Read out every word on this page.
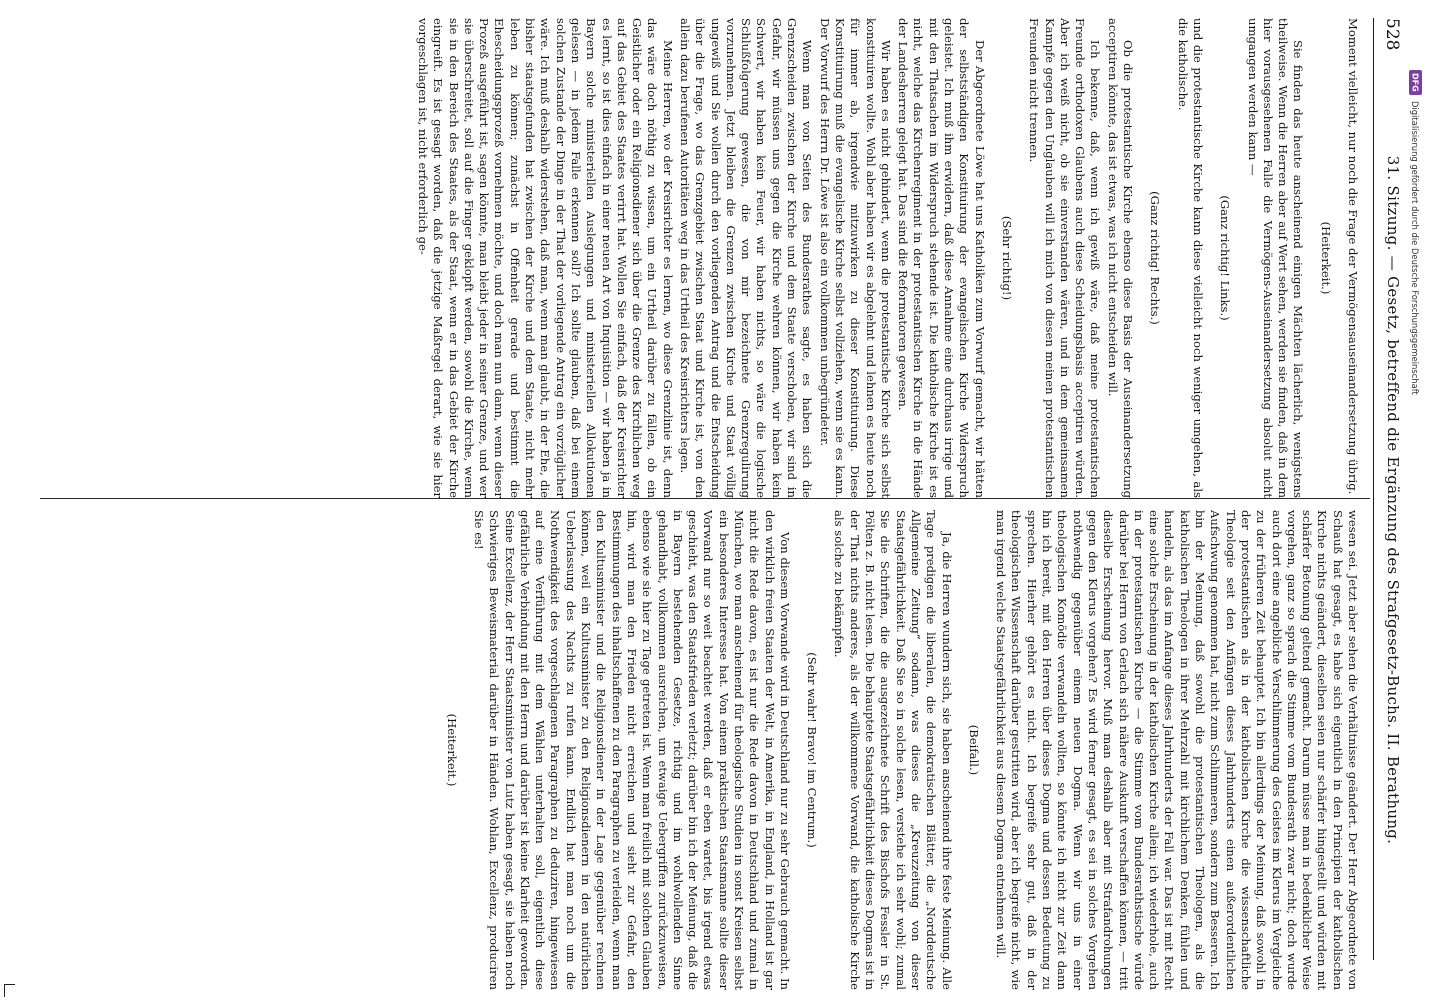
528
31. Sitzung. — Gesetz, betreffend die Ergänzung des Strafgesetz-Buchs. II. Berathung.

Moment vielleicht, nur noch die Frage der Vermögensauseinandersetzung übrig.

(Heiterkeit.)

Sie finden das heute anscheinend einigen Mächten lächerlich, wenigstens theilweise. Wenn die Herren aber auf Wert sehen, werden sie finden, daß in dem hier vorausgesehenen Falle die Vermögens-Auseinandersetzung absolut nicht umgangen werden kann —

(Ganz richtig! Links.)

und die protestantische Kirche kann diese vielleicht noch weniger umgehen, als die katholische.

(Ganz richtig! Rechts.)

Ob die protestantische Kirche ebenso diese Basis der Auseinandersetzung acceptiren könnte, das ist etwas, was ich nicht entscheiden will.

Ich bekenne, daß, wenn ich gewiß wäre, daß meine protestantischen Freunde orthodoxen Glaubens auch diese Scheidungsbasis acceptiren würden. Aber ich weiß nicht, ob sie einverstanden wären, und in dem gemeinsamen Kampfe gegen den Unglauben will ich mich von diesen meinen protestantischen Freunden nicht trennen.

(Sehr richtig!)

Der Abgeordnete Löwe hat uns Katholiken zum Vorwurf gemacht, wir hätten der selbstständigen Konstituirung der evangelischen Kirche Widerspruch geleistet. Ich muß ihm erwidern, daß diese Annahme eine durchaus irrige und mit den Thatsachen im Widerspruch stehende ist. Die katholische Kirche ist es nicht, welche das Kirchenregiment in der protestantischen Kirche in die Hände der Landesherren gelegt hat. Das sind die Reformatoren gewesen.

Wir haben es nicht gehindert, wenn die protestantische Kirche sich selbst konstituiren wollte. Wohl aber haben wir es abgelehnt und lehnen es heute noch für immer ab, irgendwie mitzuwirken zu dieser Konstituirung. Diese Konstituirung muß die evangelische Kirche selbst vollziehen, wenn sie es kann. Der Vorwurf des Herrn Dr. Löwe ist also ein vollkommen unbegründeter.

Wenn man von Seiten des Bundesrathes sagte, es haben sich die Grenzscheiden zwischen der Kirche und dem Staate verschoben, wir sind in Gefahr, wir müssen uns gegen die Kirche wehren können, wir haben kein Schwert, wir haben kein Feuer, wir haben nichts, so wäre die logische Schlußfolgerung gewesen, die von mir bezeichnete Grenzregulirung vorzunehmen. Jetzt bleiben die Grenzen zwischen Kirche und Staat völlig ungewiß und Sie wollen durch den vorliegenden Antrag und die Entscheidung über die Frage, wo das Grenzgebiet zwischen Staat und Kirche ist, von den allein dazu berufenen Autoritäten weg in das Urtheil des Kreisrichters legen.

Meine Herren, wo der Kreisrichter es lernen, wo diese Grenzlinie ist, denn das wäre doch nöthig zu wissen, um ein Urtheil darüber zu fällen, ob ein Geistlicher oder ein Religionsdiener sich über die Grenze des Kirchlichen weg auf das Gebiet des Staates verirrt hat. Wollen Sie einfach, daß der Kreisrichter es lernt, so ist dies einfach in einer neuen Art von Inquisition — wir haben ja in Bayern solche ministeriellen Auslegungen und ministeriellen Allokutionen gelesen — in jedem Falle erkennen soll? Ich sollte glauben, daß bei einem solchen Zustande der Dinge in der That der vorliegende Antrag ein vorzüglicher wäre. Ich muß deshalb widerstehen, daß man, wenn man glaubt, in der Ehe, die bisher staatsgefunden hat zwischen der Kirche und dem Staate, nicht mehr leben zu können; zunächst in Offenheit gerade und bestimmt die Ehescheidungsprozeß vornehmen möchte, und doch man nun dann, wenn dieser Prozeß ausgeführt ist, sagen könnte, man bleibt jeder in seiner Grenze, und wer sie überschreitet, soll auf die Finger geklopft werden, sowohl die Kirche, wenn sie in den Bereich des Staates, als der Staat, wenn er in das Gebiet der Kirche eingreift. Es ist gesagt worden, daß die jetzige Maßregel derart, wie sie hier vorgeschlagen ist, nicht erforderlich ge-

wesen sei. Jetzt aber sehen die Verhältnisse geändert. Der Herr Abgeordnete von Schauß hat gesagt, es habe sich eigentlich in den Principien der katholischen Kirche nichts geändert, dieselben seien nur schärfer hingestellt und würden mit schärfer Betonung geltend gemacht. Darum müsse man in bedenklicher Weise vorgehen, ganz so sprach die Stimme vom Bundesrath zwar nicht; doch wurde auch dort eine angebliche Verschlimmerung des Geistes im Klerus im Vergleiche zu der früheren Zeit behauptet. Ich bin allerdings der Meinung, daß sowohl in der protestantischen als in der katholischen Kirche die wissenschaftliche Theologie seit den Anfängen dieses Jahrhunderts einen außerordentlichen Aufschwung genommen hat, nicht zum Schlimmeren, sondern zum Besseren. Ich bin der Meinung, daß sowohl die protestantischen Theologen, als die katholischen Theologen in ihrer Mehrzahl mit kirchlichem Denken, fühlen und handeln, als das im Anfange dieses Jahrhunderts der Fall war. Das ist mit Recht eine solche Erscheinung in der katholischen Kirche allein; ich wiederhole, auch in der protestantischen Kirche — die Stimme vom Bundesrathstische würde darüber bei Herrn von Gerlach sich nähere Auskunft verschaffen können, — tritt dieselbe Erscheinung hervor. Muß man deshalb aber mit Strafandrohungen gegen den Klerus vorgehen? Es wird ferner gesagt, es sei in solches Vorgehen nothwendig gegenüber einem neuen Dogma. Wenn wir uns in einer theologischen Komödie verwandeln wollten, so könnte ich nicht zur Zeit dann hin ich bereit, mit den Herren über dieses Dogma und dessen Bedeutung zu sprechen. Hierher gehört es nicht. Ich begreife sehr gut, daß in der theologischen Wissenschaft darüber gestritten wird, aber ich begreife nicht, wie man irgend welche Staatsgefährlichkeit aus diesem Dogma entnehmen will.

(Beifall.)

Ja, die Herren wundern sich, sie haben anscheinend ihre feste Meinung. Alle Tage predigen die liberalen, die demokratischen Blätter, die „Norddeutsche Allgemeine Zeitung“ sodann, was dieses die „Kreuzzeitung von dieser Staatsgefährlichkeit. Daß Sie so in solche lesen, verstehe ich sehr wohl; zumal Sie die Schriften, die die ausgezeichnete Schrift des Bischofs Fessler in St. Pölten z. B. nicht lesen. Die behauptete Staatsgefährlichkeit dieses Dogmas ist in der That nichts anderes, als der willkommene Vorwand, die katholische Kirche als solche zu bekämpfen.

(Sehr wahr! Bravo! im Centrum.)

Von diesem Vorwande wird in Deutschland nur zu sehr Gebrauch gemacht. In den wirklich freien Staaten der Welt, in Amerika, in England, in Holland ist gar nicht die Rede davon, es ist nur die Rede davon in Deutschland und zumal in München, wo man anscheinend für theologische Studien in sonst Kreisen selbst ein besonderes Interesse hat. Von einem praktischen Staatsmanne sollte dieser Vorwand nur so weit beachtet werden, daß er eben wartet, bis irgend etwas geschieht, was den Staatsfrieden verletzt; darüber bin ich der Meinung, daß die in Bayern bestehenden Gesetze, richtig und im wohlwollenden Sinne gehandhabt, vollkommen ausreichen, um etwaige Uebergriffen zurückzuweisen, ebenso wie sie hier zu Tage getreten ist. Wenn man freilich mit solchen Glauben hin, wird man den Frieden nicht erreichen und sieht zur Gefahr, den Bestimmungen des inhaltschaffenen zu den Paragraphen zu verleiden, wenn man den Kultusminister und die Religionsdiener in der Lage gegenüber rechnen können, weil ein Kultusminister zu den Religionsdienern in den natürlichen Ueberlassung des Nachts zu rufen kann. Endlich hat man noch um die Nothwendigkeit des vorgeschlagenen Paragraphen zu deduziren, hingewiesen auf eine Verführung mit dem Wählen unterhalten soll, eigentlich diese gefährliche Verbindung mit den Herrn und darüber ist keine Klarheit geworden. Seine Excellenz, der Herr Staatsminister von Lutz haben gesagt, sie haben noch Schwieriges Beweismaterial darüber in Händen. Wohlan, Excellenz, produciren Sie es!

(Heiterkeit.)

DFG
Digitalisierung gefördert durch die Deutsche Forschungsgemeinschaft
